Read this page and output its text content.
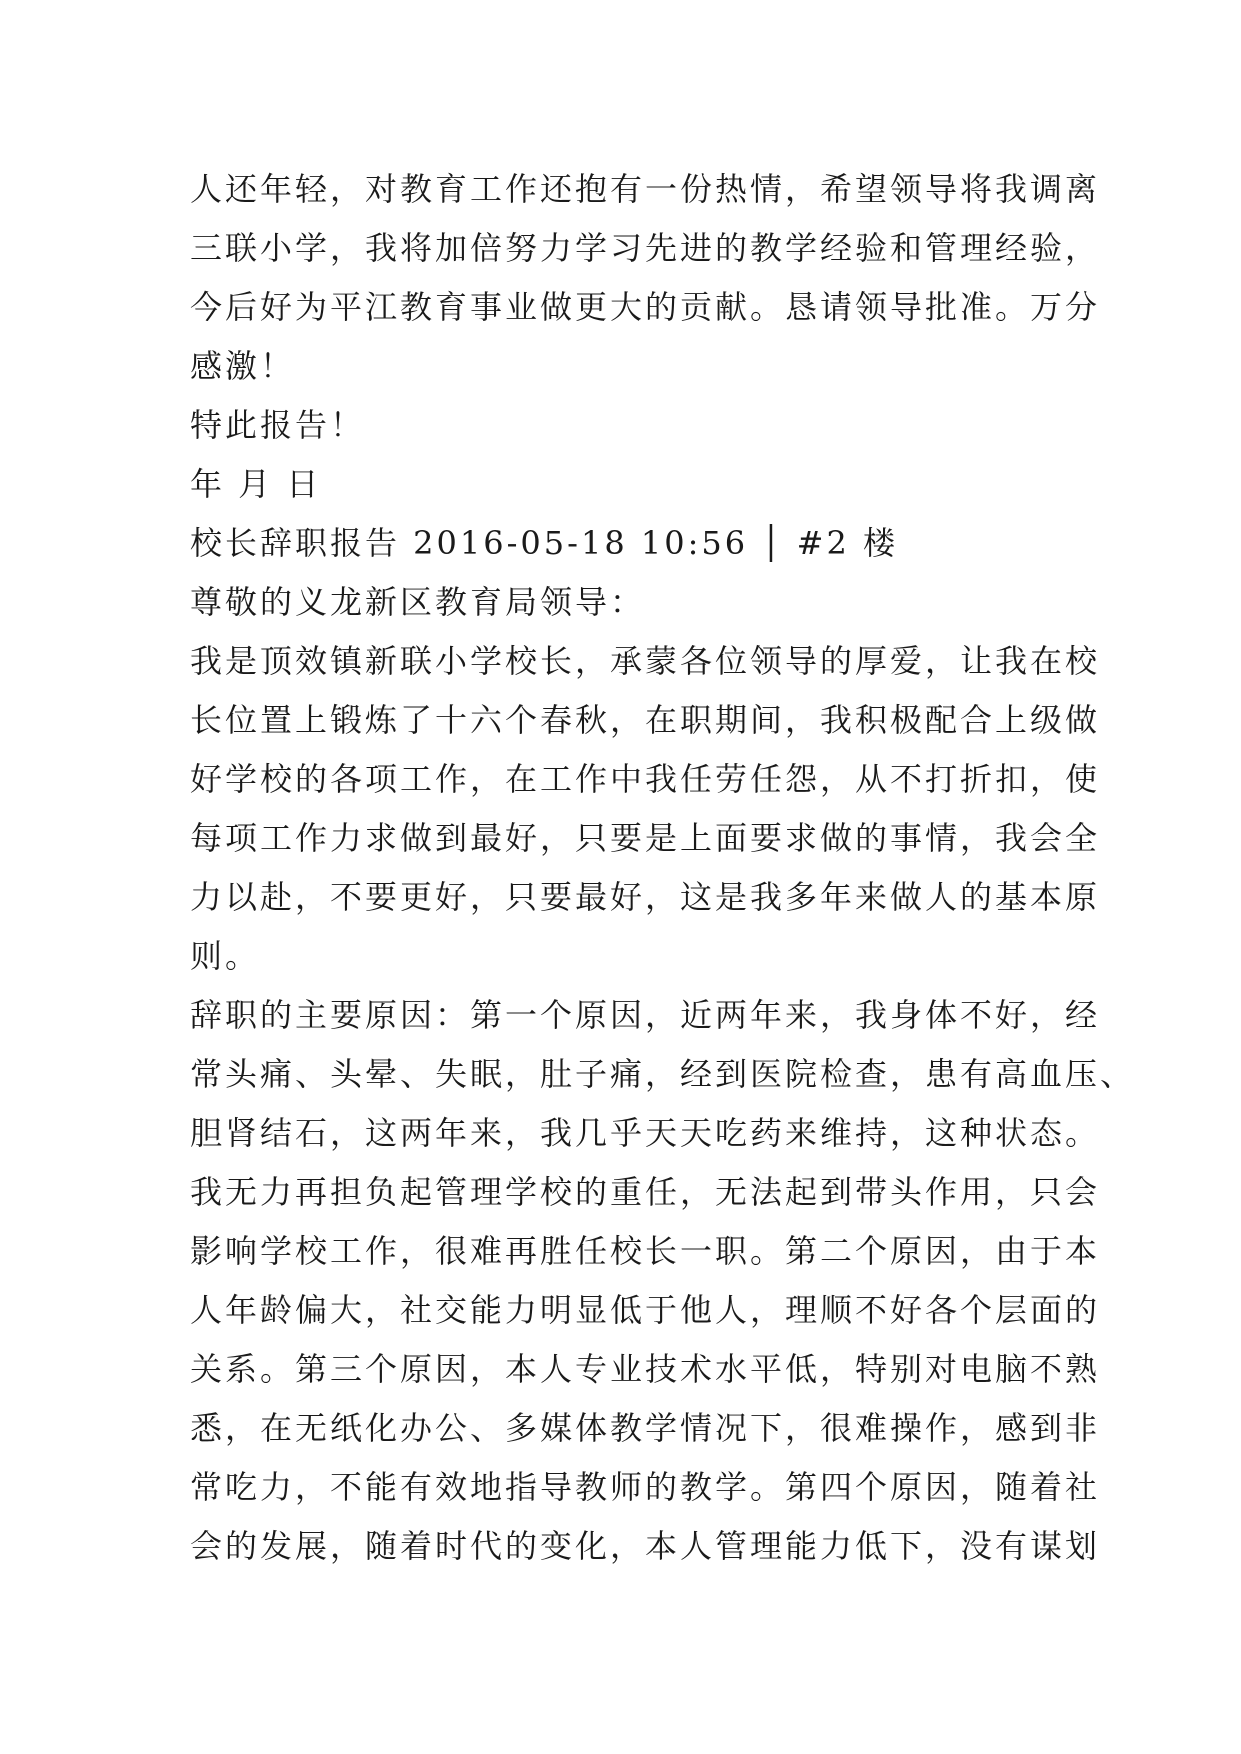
人还年轻，对教育工作还抱有一份热情，希望领导将我调离
三联小学，我将加倍努力学习先进的教学经验和管理经验，
今后好为平江教育事业做更大的贡献。恳请领导批准。万分
感激！
特此报告！
年 月 日
校长辞职报告 2016-05-18 10:56 │ #2 楼
尊敬的义龙新区教育局领导：
我是顶效镇新联小学校长，承蒙各位领导的厚爱，让我在校
长位置上锻炼了十六个春秋，在职期间，我积极配合上级做
好学校的各项工作，在工作中我任劳任怨，从不打折扣，使
每项工作力求做到最好，只要是上面要求做的事情，我会全
力以赴，不要更好，只要最好，这是我多年来做人的基本原
则。
辞职的主要原因：第一个原因，近两年来，我身体不好，经
常头痛、头晕、失眠，肚子痛，经到医院检查，患有高血压、
胆肾结石，这两年来，我几乎天天吃药来维持，这种状态。
我无力再担负起管理学校的重任，无法起到带头作用，只会
影响学校工作，很难再胜任校长一职。第二个原因，由于本
人年龄偏大，社交能力明显低于他人，理顺不好各个层面的
关系。第三个原因，本人专业技术水平低，特别对电脑不熟
悉，在无纸化办公、多媒体教学情况下，很难操作，感到非
常吃力，不能有效地指导教师的教学。第四个原因，随着社
会的发展，随着时代的变化，本人管理能力低下，没有谋划
